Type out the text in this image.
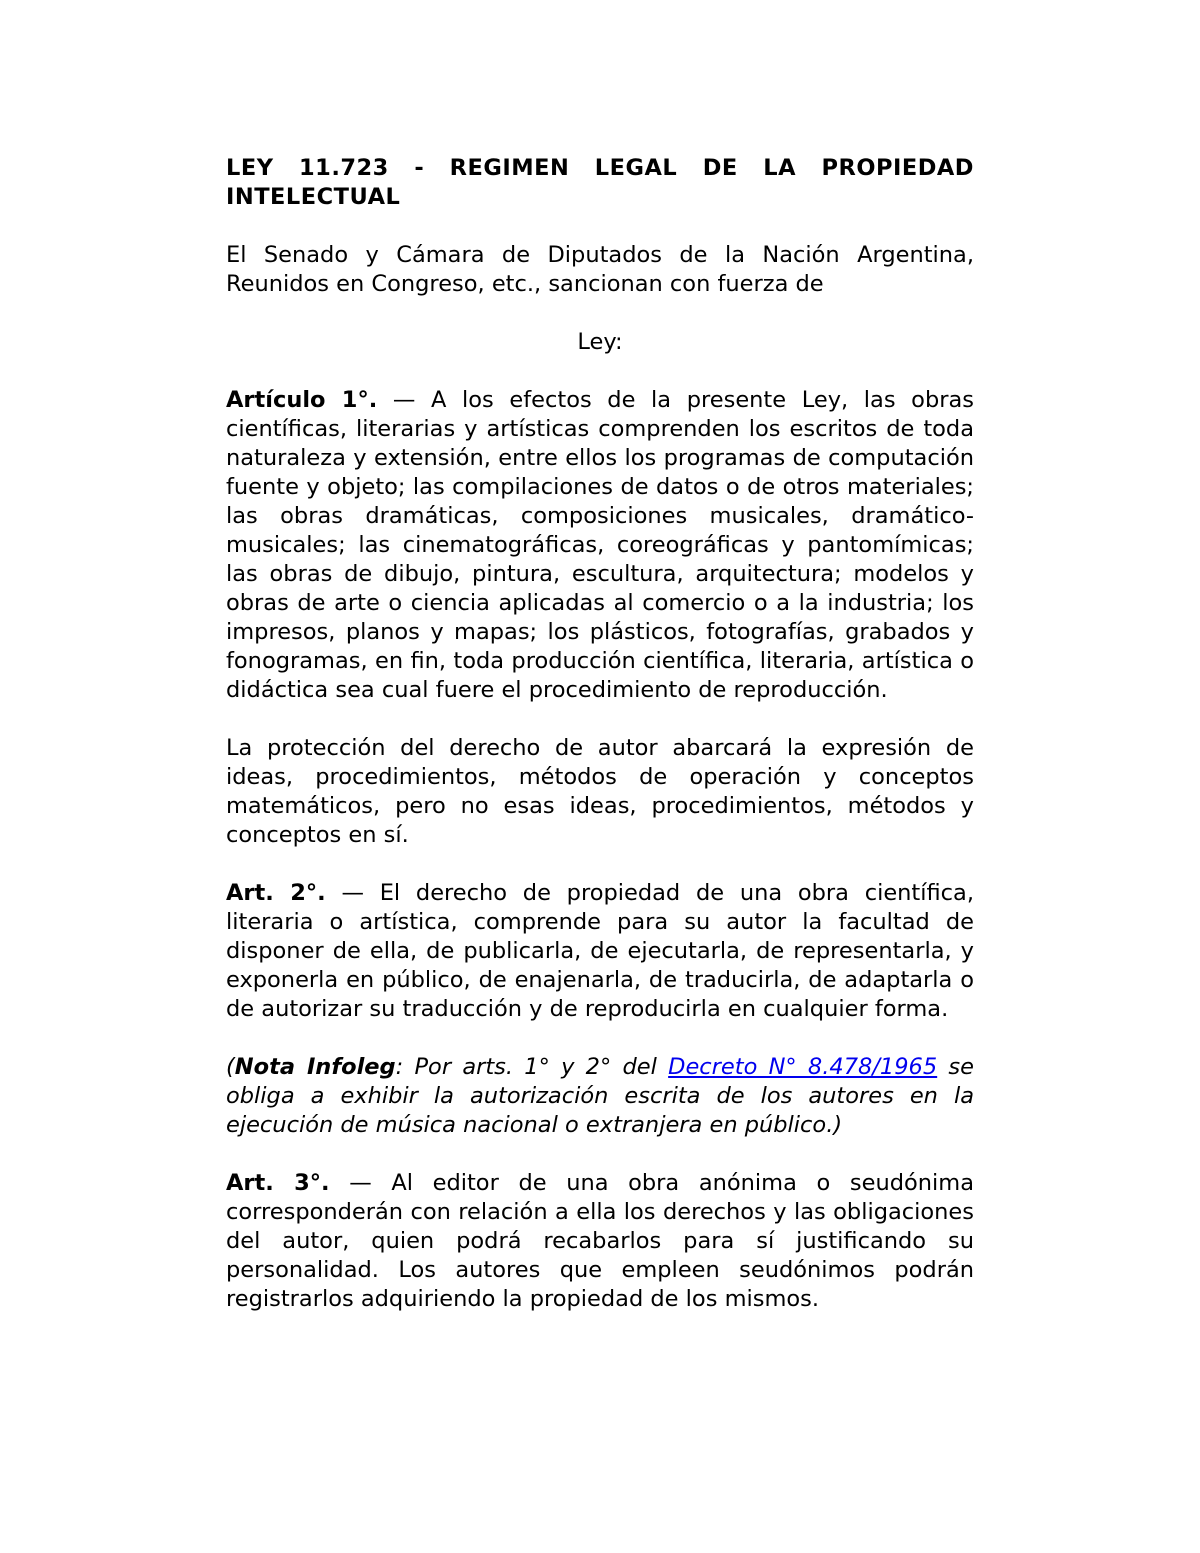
LEY 11.723 - REGIMEN LEGAL DE LA PROPIEDAD INTELECTUAL

El Senado y Cámara de Diputados de la Nación Argentina, Reunidos en Congreso, etc., sancionan con fuerza de

Ley:

Artículo 1°. — A los efectos de la presente Ley, las obras científicas, literarias y artísticas comprenden los escritos de toda naturaleza y extensión, entre ellos los programas de computación fuente y objeto; las compilaciones de datos o de otros materiales; las obras dramáticas, composiciones musicales, dramático-musicales; las cinematográficas, coreográficas y pantomímicas; las obras de dibujo, pintura, escultura, arquitectura; modelos y obras de arte o ciencia aplicadas al comercio o a la industria; los impresos, planos y mapas; los plásticos, fotografías, grabados y fonogramas, en fin, toda producción científica, literaria, artística o didáctica sea cual fuere el procedimiento de reproducción.

La protección del derecho de autor abarcará la expresión de ideas, procedimientos, métodos de operación y conceptos matemáticos, pero no esas ideas, procedimientos, métodos y conceptos en sí.

Art. 2°. — El derecho de propiedad de una obra científica, literaria o artística, comprende para su autor la facultad de disponer de ella, de publicarla, de ejecutarla, de representarla, y exponerla en público, de enajenarla, de traducirla, de adaptarla o de autorizar su traducción y de reproducirla en cualquier forma.

(Nota Infoleg: Por arts. 1° y 2° del Decreto N° 8.478/1965 se obliga a exhibir la autorización escrita de los autores en la ejecución de música nacional o extranjera en público.)

Art. 3°. — Al editor de una obra anónima o seudónima corresponderán con relación a ella los derechos y las obligaciones del autor, quien podrá recabarlos para sí justificando su personalidad. Los autores que empleen seudónimos podrán registrarlos adquiriendo la propiedad de los mismos.
